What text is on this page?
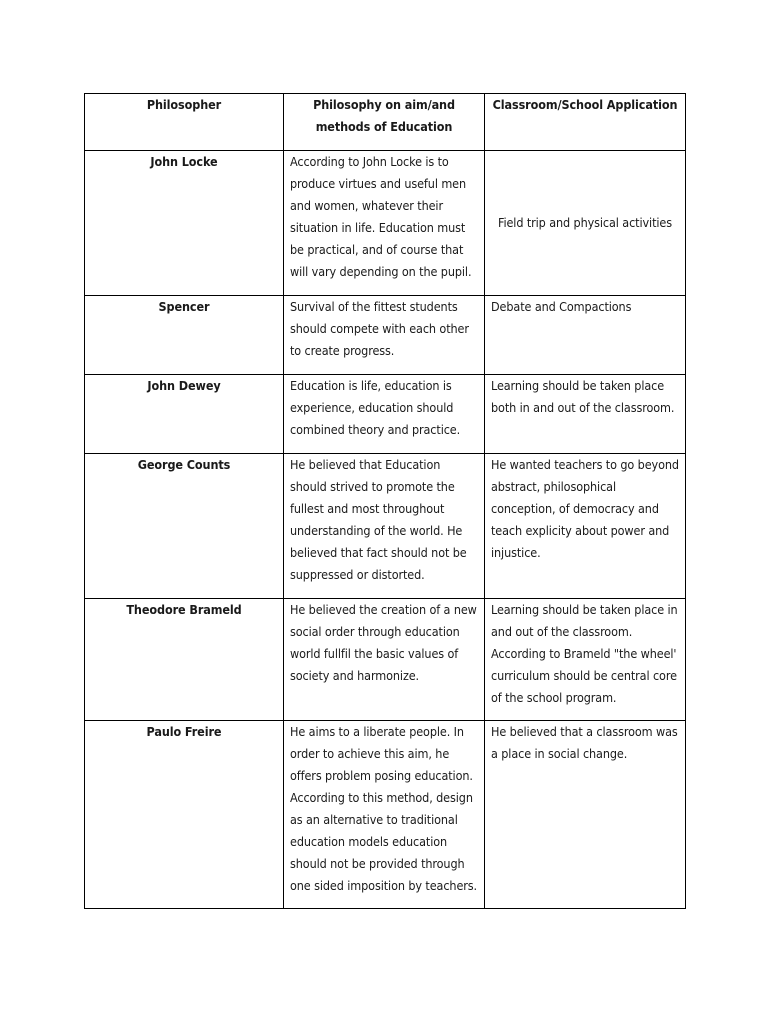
Philosopher	Philosophy on aim/and methods of Education	Classroom/School Application
John Locke	According to John Locke is to produce virtues and useful men and women, whatever their situation in life. Education must be practical, and of course that will vary depending on the pupil.	Field trip and physical activities
Spencer	Survival of the fittest students should compete with each other to create progress.	Debate and Compactions
John Dewey	Education is life, education is experience, education should combined theory and practice.	Learning should be taken place both in and out of the classroom.
George Counts	He believed that Education should strived to promote the fullest and most throughout understanding of the world. He believed that fact should not be suppressed or distorted.	He wanted teachers to go beyond abstract, philosophical conception, of democracy and teach explicity about power and injustice.
Theodore Brameld	He believed the creation of a new social order through education world fullfil the basic values of society and harmonize.	Learning should be taken place in and out of the classroom. According to Brameld "the wheel' curriculum should be central core of the school program.
Paulo Freire	He aims to a liberate people. In order to achieve this aim, he offers problem posing education. According to this method, design as an alternative to traditional education models education should not be provided through one sided imposition by teachers.	He believed that a classroom was a place in social change.
